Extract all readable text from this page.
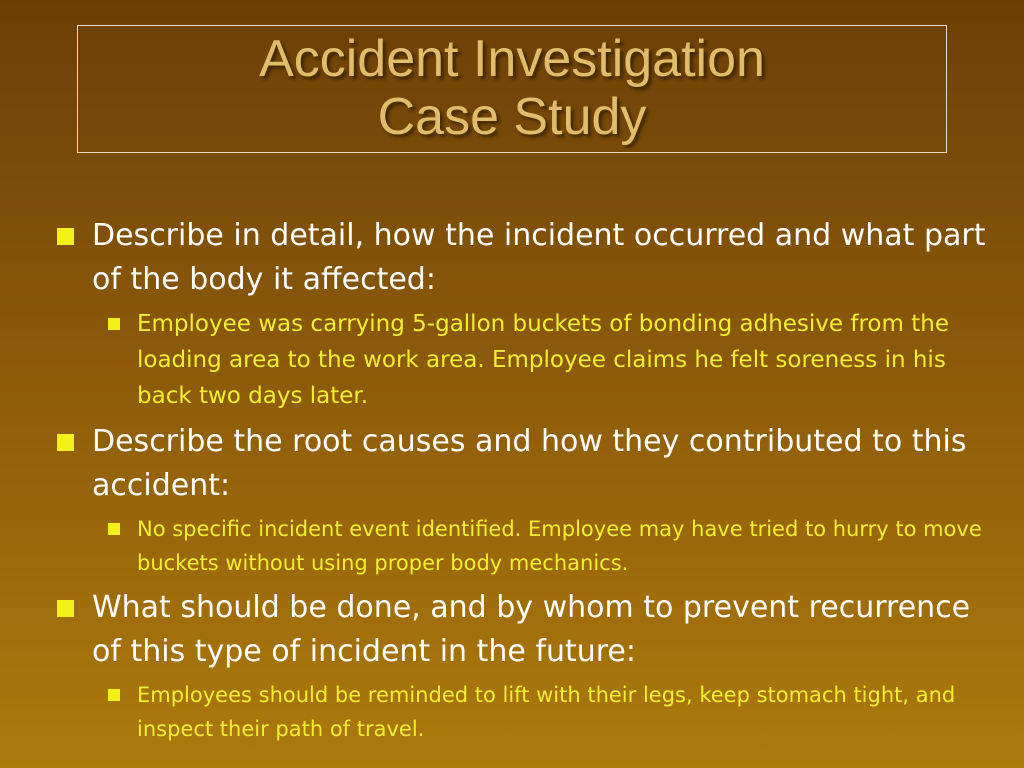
Accident Investigation
Case Study
Describe in detail, how the incident occurred and what part of the body it affected:
Employee was carrying 5-gallon buckets of bonding adhesive from the loading area to the work area. Employee claims he felt soreness in his back two days later.
Describe the root causes and how they contributed to this accident:
No specific incident event identified. Employee may have tried to hurry to move buckets without using proper body mechanics.
What should be done, and by whom to prevent recurrence of this type of incident in the future:
Employees should be reminded to lift with their legs, keep stomach tight, and inspect their path of travel.
